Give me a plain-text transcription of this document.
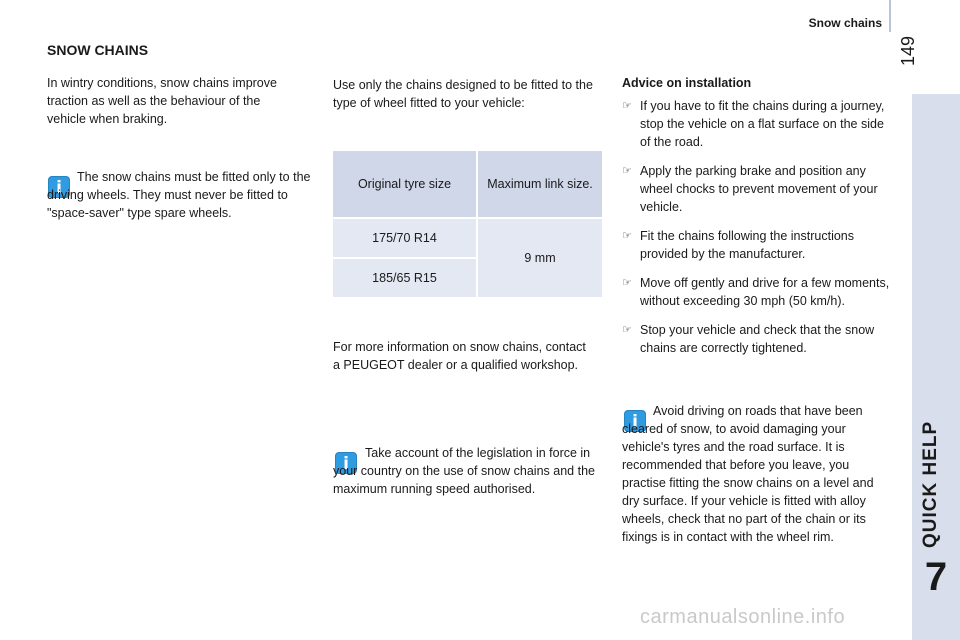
Snow chains
149
QUICK HELP
7
SNOW CHAINS
In wintry conditions, snow chains improve traction as well as the behaviour of the vehicle when braking.
i
The snow chains must be fitted only to the driving wheels. They must never be fitted to "space-saver" type spare wheels.
Use only the chains designed to be fitted to the type of wheel fitted to your vehicle:
Original tyre size	Maximum link size.
175/70 R14	9 mm
185/65 R15	
For more information on snow chains, contact a PEUGEOT dealer or a qualified workshop.
i
Take account of the legislation in force in your country on the use of snow chains and the maximum running speed authorised.
Advice on installation
☞ If you have to fit the chains during a journey, stop the vehicle on a flat surface on the side of the road.
☞ Apply the parking brake and position any wheel chocks to prevent movement of your vehicle.
☞ Fit the chains following the instructions provided by the manufacturer.
☞ Move off gently and drive for a few moments, without exceeding 30 mph (50 km/h).
☞ Stop your vehicle and check that the snow chains are correctly tightened.
i
Avoid driving on roads that have been cleared of snow, to avoid damaging your vehicle's tyres and the road surface. It is recommended that before you leave, you practise fitting the snow chains on a level and dry surface. If your vehicle is fitted with alloy wheels, check that no part of the chain or its fixings is in contact with the wheel rim.
carmanualsonline.info
